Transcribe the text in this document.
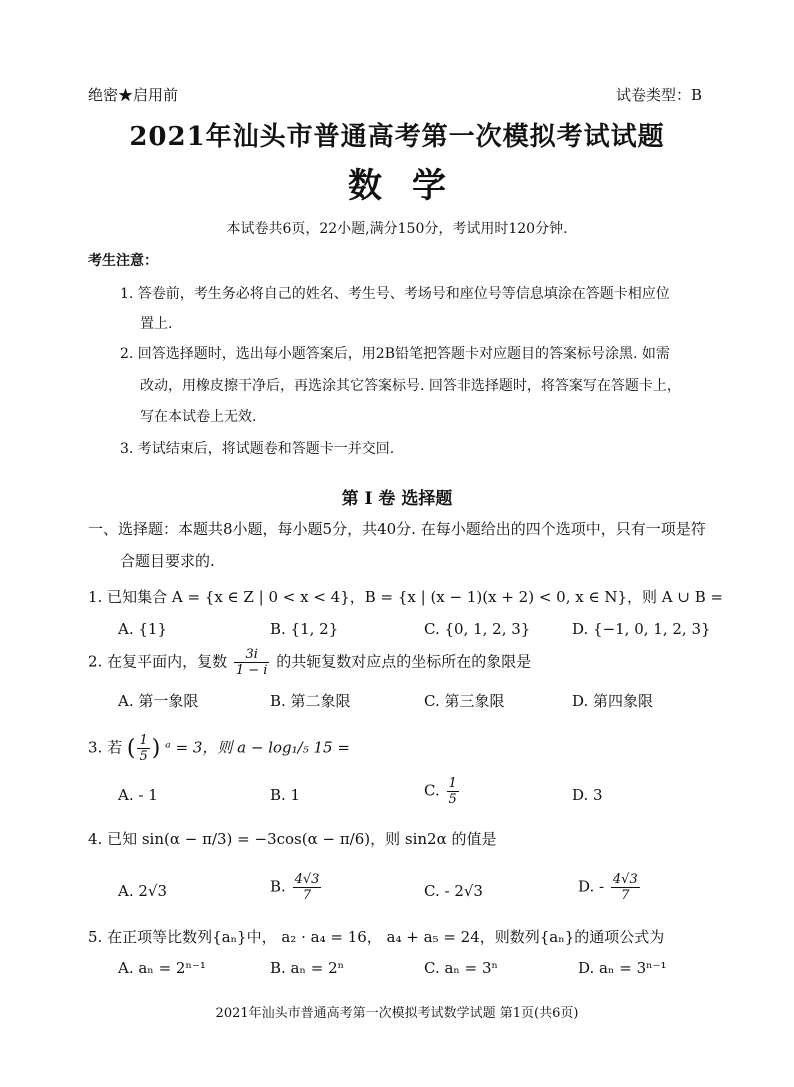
绝密★启用前	试卷类型：B
2021年汕头市普通高考第一次模拟考试试题
数学
本试卷共6页，22小题,满分150分，考试用时120分钟.
考生注意：
1. 答卷前，考生务必将自己的姓名、考生号、考场号和座位号等信息填涂在答题卡相应位
置上.
2. 回答选择题时，选出每小题答案后，用2B铅笔把答题卡对应题目的答案标号涂黑. 如需
改动，用橡皮擦干净后，再选涂其它答案标号. 回答非选择题时，将答案写在答题卡上，
写在本试卷上无效.
3. 考试结束后，将试题卷和答题卡一并交回.
第 I 卷 选择题
一、选择题：本题共8小题，每小题5分，共40分. 在每小题给出的四个选项中，只有一项是符
合题目要求的.
1. 已知集合 A = {x ∈ Z | 0 < x < 4}，B = {x | (x − 1)(x + 2) < 0, x ∈ N}，则 A ∪ B =
A. {1}	B. {1, 2}	C. {0, 1, 2, 3}	D. {−1, 0, 1, 2, 3}
2. 在复平面内，复数 $\frac{3i}{1 - i}$ 的共轭复数对应点的坐标所在的象限是
A. 第一象限	B. 第二象限	C. 第三象限	D. 第四象限
3. 若 ( $\frac{1}{5}$ ) ᵃ = 3，则 a − log₁/₅ 15 =
A. - 1	B. 1	C. $\frac{1}{5}$	D. 3
4. 已知 sin(α − π/3) = −3cos(α − π/6)，则 sin2α 的值是
A. 2√3	B. $\frac{4√3}{7}$	C. - 2√3	D. - $\frac{4√3}{7}$
5. 在正项等比数列{aₙ}中， a₂ · a₄ = 16， a₄ + a₅ = 24，则数列{aₙ}的通项公式为
A. aₙ = 2ⁿ⁻¹	B. aₙ = 2ⁿ	C. aₙ = 3ⁿ	D. aₙ = 3ⁿ⁻¹
2021年汕头市普通高考第一次模拟考试数学试题 第1页(共6页)
